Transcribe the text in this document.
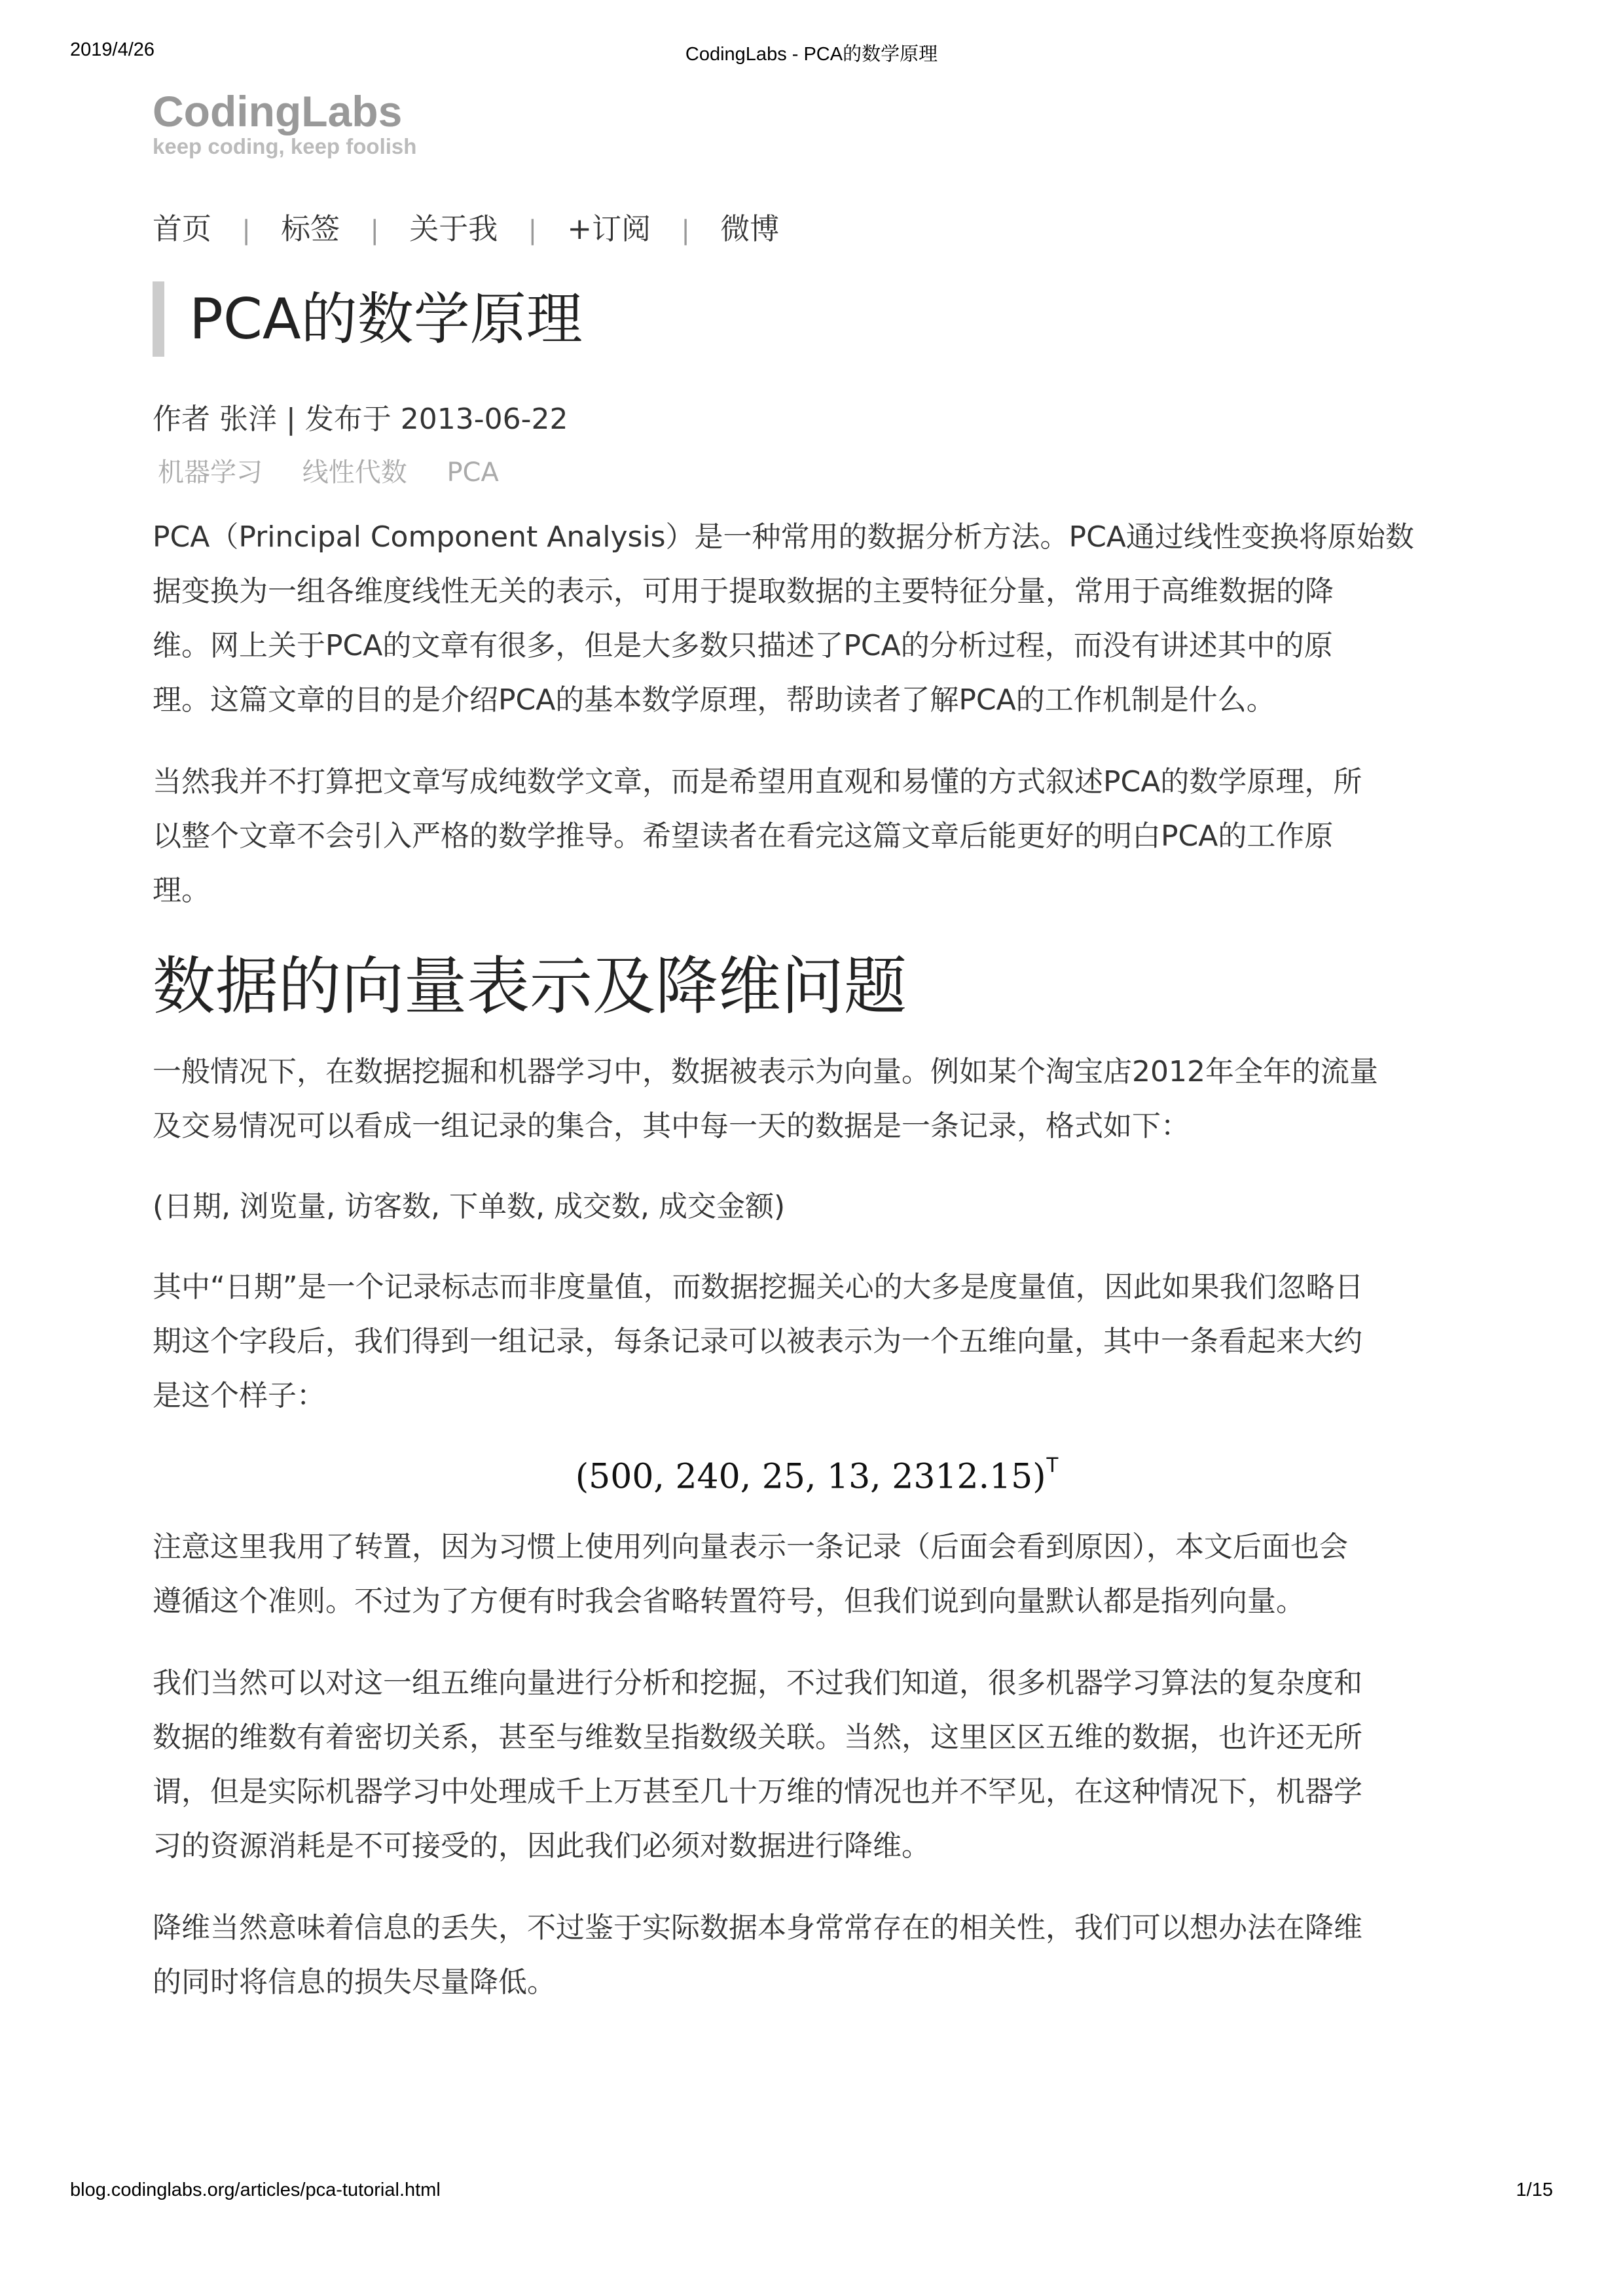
2019/4/26	CodingLabs - PCA的数学原理
CodingLabs
keep coding, keep foolish
首页 | 标签 | 关于我 | +订阅 | 微博
PCA的数学原理
作者 张洋 | 发布于 2013-06-22
机器学习 线性代数 PCA

PCA（Principal Component Analysis）是一种常用的数据分析方法。PCA通过线性变换将原始数
据变换为一组各维度线性无关的表示，可用于提取数据的主要特征分量，常用于高维数据的降
维。网上关于PCA的文章有很多，但是大多数只描述了PCA的分析过程，而没有讲述其中的原
理。这篇文章的目的是介绍PCA的基本数学原理，帮助读者了解PCA的工作机制是什么。

当然我并不打算把文章写成纯数学文章，而是希望用直观和易懂的方式叙述PCA的数学原理，所
以整个文章不会引入严格的数学推导。希望读者在看完这篇文章后能更好的明白PCA的工作原
理。

数据的向量表示及降维问题

一般情况下，在数据挖掘和机器学习中，数据被表示为向量。例如某个淘宝店2012年全年的流量
及交易情况可以看成一组记录的集合，其中每一天的数据是一条记录，格式如下：

(日期, 浏览量, 访客数, 下单数, 成交数, 成交金额)

其中“日期”是一个记录标志而非度量值，而数据挖掘关心的大多是度量值，因此如果我们忽略日
期这个字段后，我们得到一组记录，每条记录可以被表示为一个五维向量，其中一条看起来大约
是这个样子：

(500, 240, 25, 13, 2312.15)$^T$

注意这里我用了转置，因为习惯上使用列向量表示一条记录（后面会看到原因），本文后面也会
遵循这个准则。不过为了方便有时我会省略转置符号，但我们说到向量默认都是指列向量。

我们当然可以对这一组五维向量进行分析和挖掘，不过我们知道，很多机器学习算法的复杂度和
数据的维数有着密切关系，甚至与维数呈指数级关联。当然，这里区区五维的数据，也许还无所
谓，但是实际机器学习中处理成千上万甚至几十万维的情况也并不罕见，在这种情况下，机器学
习的资源消耗是不可接受的，因此我们必须对数据进行降维。

降维当然意味着信息的丢失，不过鉴于实际数据本身常常存在的相关性，我们可以想办法在降维
的同时将信息的损失尽量降低。

blog.codinglabs.org/articles/pca-tutorial.html	1/15
